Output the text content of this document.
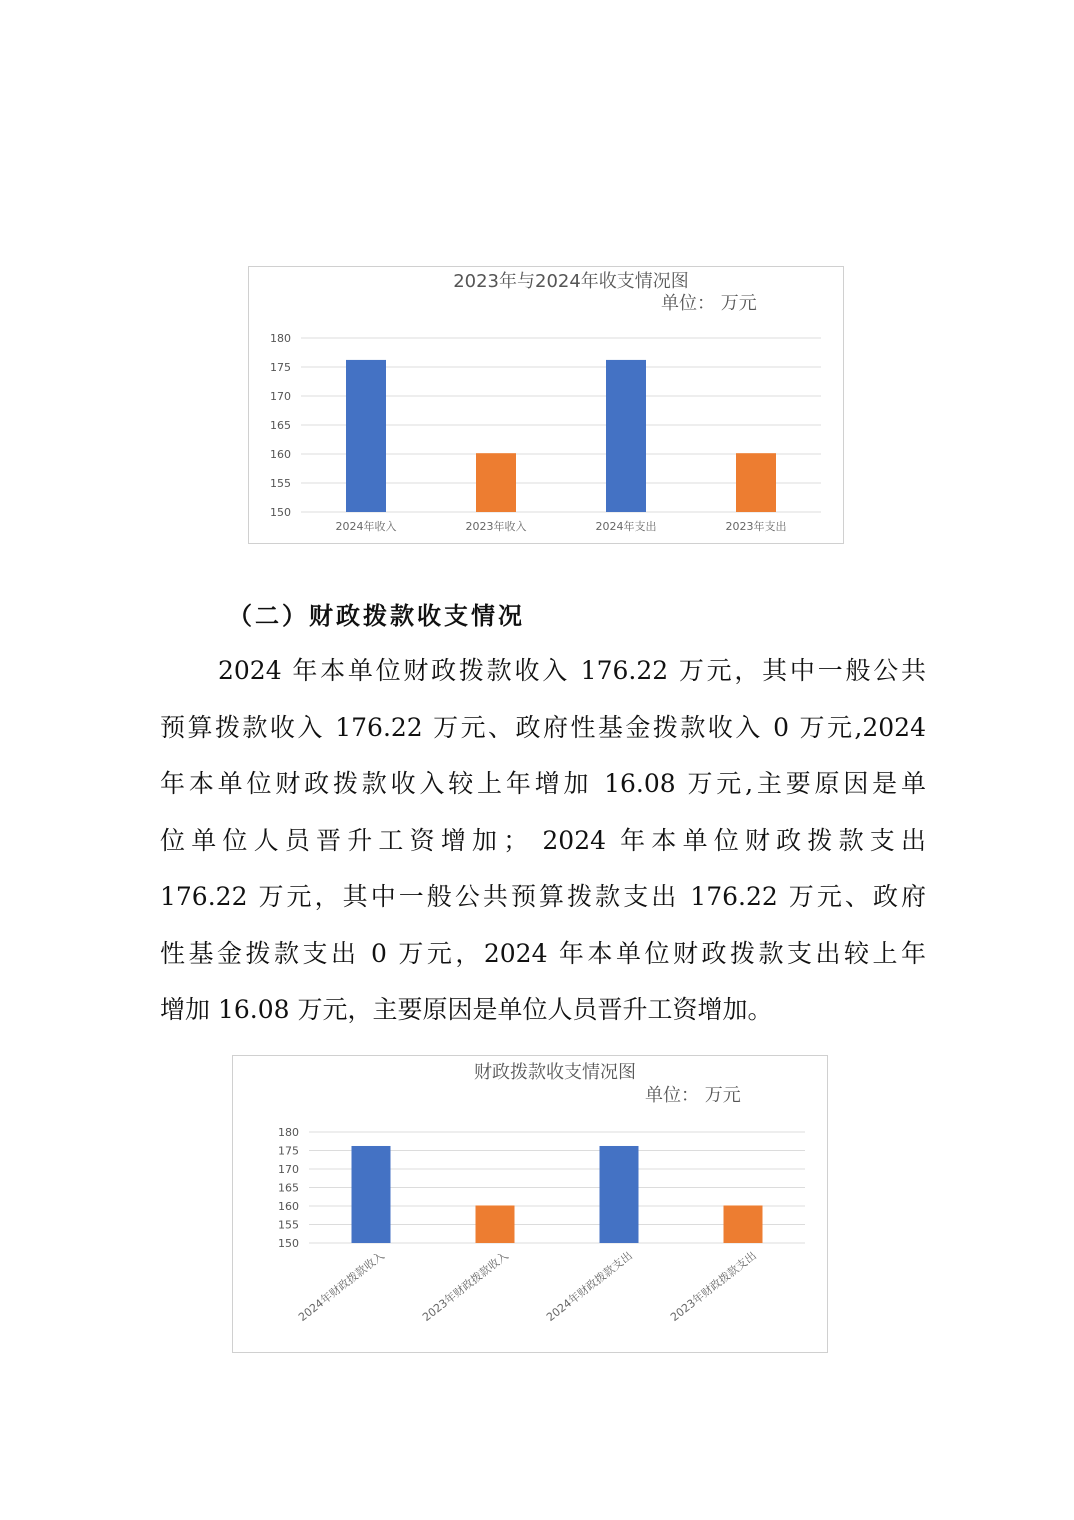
2023年与2024年收支情况图
单位： 万元
150
155
160
165
170
175
180
2024年收入	2023年收入	2024年支出	2023年支出
（二）财政拨款收支情况

2024 年本单位财政拨款收入 176.22 万元，其中一般公共
预算拨款收入 176.22 万元、政府性基金拨款收入 0 万元,2024
年本单位财政拨款收入较上年增加 16.08 万元,主要原因是单
位单位人员晋升工资增加； 2024 年本单位财政拨款支出
176.22 万元，其中一般公共预算拨款支出 176.22 万元、政府
性基金拨款支出 0 万元，2024 年本单位财政拨款支出较上年
增加 16.08 万元，主要原因是单位人员晋升工资增加。

财政拨款收支情况图
单位： 万元
150
155
160
165
170
175
180
2024年财政拨款收入	2023年财政拨款收入	2024年财政拨款支出	2023年财政拨款支出
